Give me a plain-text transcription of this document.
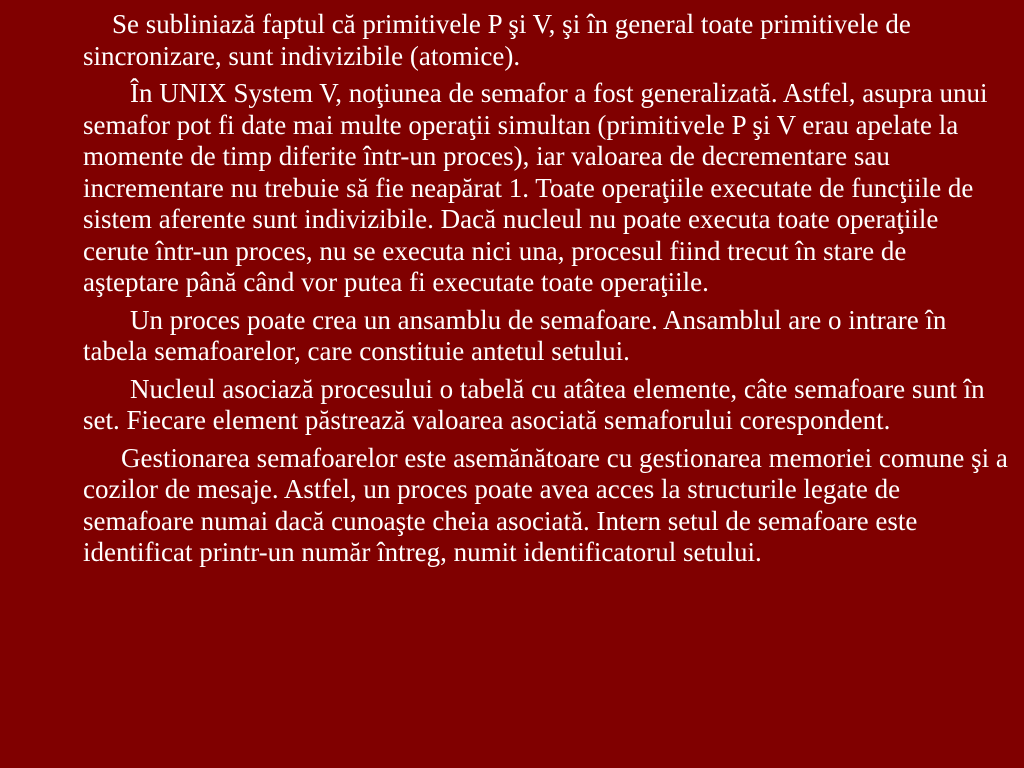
Se subliniază faptul că primitivele P şi V, şi în general toate primitivele de sincronizare, sunt indivizibile (atomice).

În UNIX System V, noţiunea de semafor a fost generalizată. Astfel, asupra unui semafor pot fi date mai multe operaţii simultan (primitivele P şi V erau apelate la momente de timp diferite într-un proces), iar valoarea de decrementare sau incrementare nu trebuie să fie neapărat 1. Toate operaţiile executate de funcţiile de sistem aferente sunt indivizibile. Dacă nucleul nu poate executa toate operaţiile cerute într-un proces, nu se executa nici una, procesul fiind trecut în stare de aşteptare până când vor putea fi executate toate operaţiile.

Un proces poate crea un ansamblu de semafoare. Ansamblul are o intrare în tabela semafoarelor, care constituie antetul setului.

Nucleul asociază procesului o tabelă cu atâtea elemente, câte semafoare sunt în set. Fiecare element păstrează valoarea asociată semaforului corespondent.

Gestionarea semafoarelor este asemănătoare cu gestionarea memoriei comune şi a cozilor de mesaje. Astfel, un proces poate avea acces la structurile legate de semafoare numai dacă cunoaşte cheia asociată. Intern setul de semafoare este identificat printr-un număr întreg, numit identificatorul setului.
